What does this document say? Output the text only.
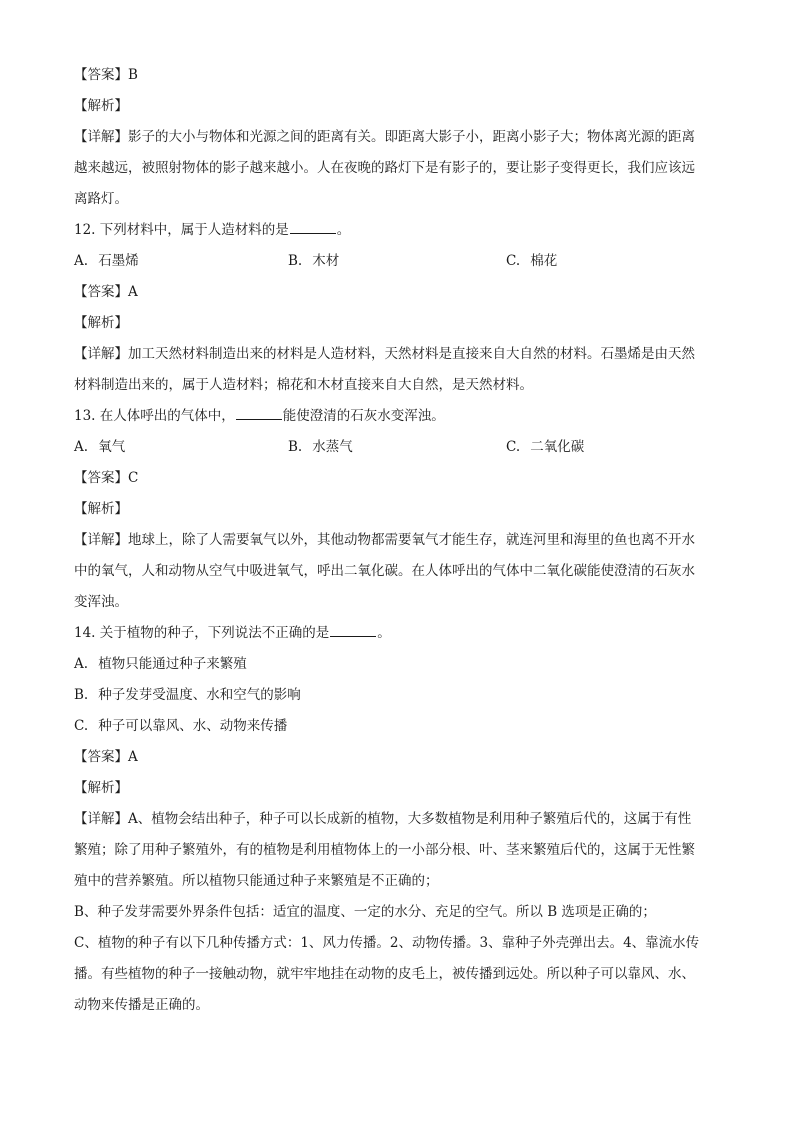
【答案】B
【解析】
【详解】影子的大小与物体和光源之间的距离有关。即距离大影子小，距离小影子大；物体离光源的距离
越来越远，被照射物体的影子越来越小。人在夜晚的路灯下是有影子的，要让影子变得更长，我们应该远
离路灯。
12. 下列材料中，属于人造材料的是	。
A. 石墨烯	B. 木材	C. 棉花
【答案】A
【解析】
【详解】加工天然材料制造出来的材料是人造材料，天然材料是直接来自大自然的材料。石墨烯是由天然
材料制造出来的，属于人造材料；棉花和木材直接来自大自然，是天然材料。
13. 在人体呼出的气体中，	能使澄清的石灰水变浑浊。
A. 氧气	B. 水蒸气	C. 二氧化碳
【答案】C
【解析】
【详解】地球上，除了人需要氧气以外，其他动物都需要氧气才能生存，就连河里和海里的鱼也离不开水
中的氧气，人和动物从空气中吸进氧气，呼出二氧化碳。在人体呼出的气体中二氧化碳能使澄清的石灰水
变浑浊。
14. 关于植物的种子，下列说法不正确的是	。
A. 植物只能通过种子来繁殖
B. 种子发芽受温度、水和空气的影响
C. 种子可以靠风、水、动物来传播
【答案】A
【解析】
【详解】A、植物会结出种子，种子可以长成新的植物，大多数植物是利用种子繁殖后代的，这属于有性
繁殖；除了用种子繁殖外，有的植物是利用植物体上的一小部分根、叶、茎来繁殖后代的，这属于无性繁
殖中的营养繁殖。所以植物只能通过种子来繁殖是不正确的；
B、种子发芽需要外界条件包括：适宜的温度、一定的水分、充足的空气。所以 B 选项是正确的；
C、植物的种子有以下几种传播方式：1、风力传播。2、动物传播。3、靠种子外壳弹出去。4、靠流水传
播。有些植物的种子一接触动物，就牢牢地挂在动物的皮毛上，被传播到远处。所以种子可以靠风、水、
动物来传播是正确的。
